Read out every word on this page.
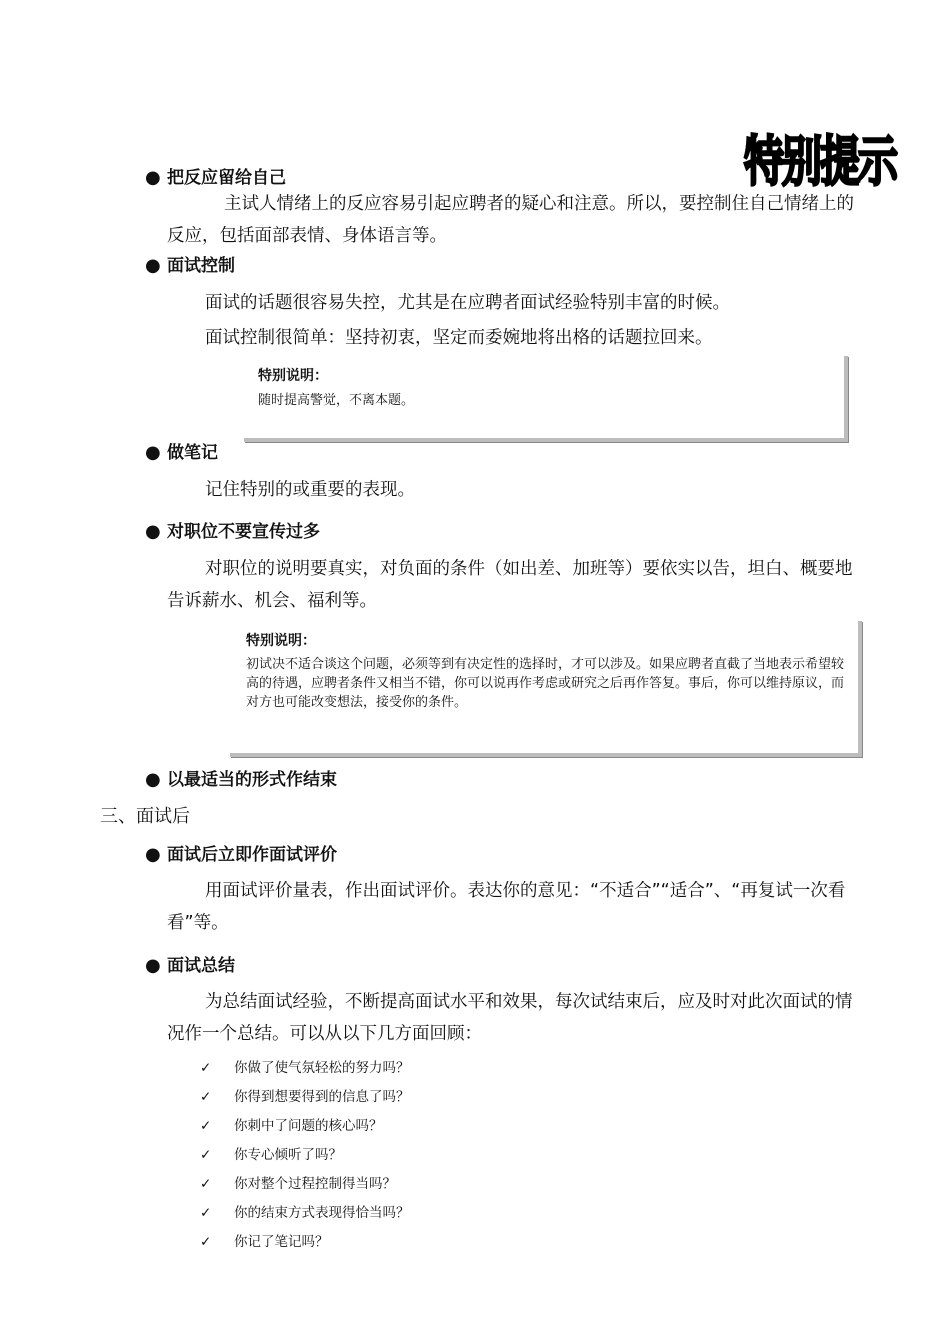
特别提示

● 把反应留给自己

主试人情绪上的反应容易引起应聘者的疑心和注意。所以，要控制住自己情绪上的反应，包括面部表情、身体语言等。

● 面试控制

面试的话题很容易失控，尤其是在应聘者面试经验特别丰富的时候。

面试控制很简单：坚持初衷，坚定而委婉地将出格的话题拉回来。

特别说明：

随时提高警觉，不离本题。

● 做笔记

记住特别的或重要的表现。

● 对职位不要宣传过多

对职位的说明要真实，对负面的条件（如出差、加班等）要依实以告，坦白、概要地告诉薪水、机会、福利等。

特别说明：

初试决不适合谈这个问题，必须等到有决定性的选择时，才可以涉及。如果应聘者直截了当地表示希望较高的待遇，应聘者条件又相当不错，你可以说再作考虑或研究之后再作答复。事后，你可以维持原议，而对方也可能改变想法，接受你的条件。

● 以最适当的形式作结束

三、面试后

● 面试后立即作面试评价

用面试评价量表，作出面试评价。表达你的意见：“不适合”“适合”、“再复试一次看看”等。

● 面试总结

为总结面试经验，不断提高面试水平和效果，每次试结束后，应及时对此次面试的情况作一个总结。可以从以下几方面回顾：

✓ 你做了使气氛轻松的努力吗？
✓ 你得到想要得到的信息了吗？
✓ 你刺中了问题的核心吗？
✓ 你专心倾听了吗？
✓ 你对整个过程控制得当吗？
✓ 你的结束方式表现得恰当吗？
✓ 你记了笔记吗？
